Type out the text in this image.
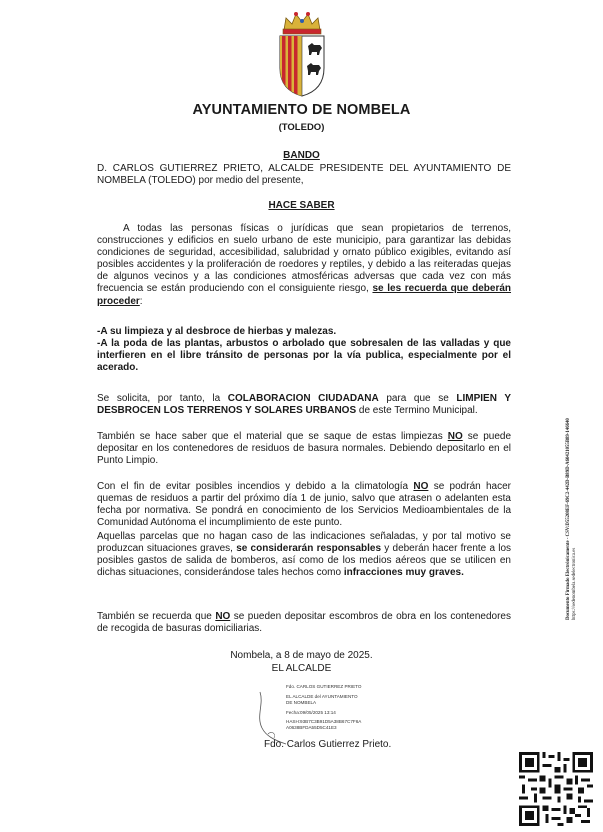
AYUNTAMIENTO DE NOMBELA
(TOLEDO)
BANDO
D. CARLOS GUTIERREZ PRIETO, ALCALDE PRESIDENTE DEL AYUNTAMIENTO DE NOMBELA (TOLEDO) por medio del presente,
HACE SABER
A todas las personas físicas o jurídicas que sean propietarios de terrenos, construcciones y edificios en suelo urbano de este municipio, para garantizar las debidas condiciones de seguridad, accesibilidad, salubridad y ornato público exigibles, evitando así posibles accidentes y la proliferación de roedores y reptiles, y debido a las reiteradas quejas de algunos vecinos y a las condiciones atmosféricas adversas que cada vez con más frecuencia se están produciendo con el consiguiente riesgo, se les recuerda que deberán proceder:
-A su limpieza y al desbroce de hierbas y malezas.
-A la poda de las plantas, arbustos o arbolado que sobresalen de las valladas y que interfieren en el libre tránsito de personas por la vía publica, especialmente por el acerado.
Se solicita, por tanto, la COLABORACION CIUDADANA para que se LIMPIEN Y DESBROCEN LOS TERRENOS Y SOLARES URBANOS de este Termino Municipal.
También se hace saber que el material que se saque de estas limpiezas NO se puede depositar en los contenedores de residuos de basura normales. Debiendo depositarlo en el Punto Limpio.
Con el fin de evitar posibles incendios y debido a la climatología NO se podrán hacer quemas de residuos a partir del próximo día 1 de junio, salvo que atrasen o adelanten esta fecha por normativa. Se pondrá en conocimiento de los Servicios Medioambientales de la Comunidad Autónoma el incumplimiento de este punto.
Aquellas parcelas que no hagan caso de las indicaciones señaladas, y por tal motivo se produzcan situaciones graves, se considerarán responsables y deberán hacer frente a los posibles gastos de salida de bomberos, así como de los medios aéreos que se utilicen en dichas situaciones, considerándose tales hechos como infracciones muy graves.
También se recuerda que NO se pueden depositar escombros de obra en los contenedores de recogida de basuras domiciliarias.
Nombela, a 8 de mayo de 2025.
EL ALCALDE
Fdo. CARLOS GUTIERREZ PRIETO
EL ALCALDE del AYUNTAMIENTO
DE NOMBELA
Fecha:09/05/2025 13:14
HASH:93B7C3B91D5A38B67C7F6A
A0638BFDA55D5C41E3
Fdo. Carlos Gutierrez Prieto.
Documento Firmado Electrónicamente - CSV:D55208EF-69C2-442D-B89D-A60421055B89-146640 https://sedenombela.sedelectronica.es
